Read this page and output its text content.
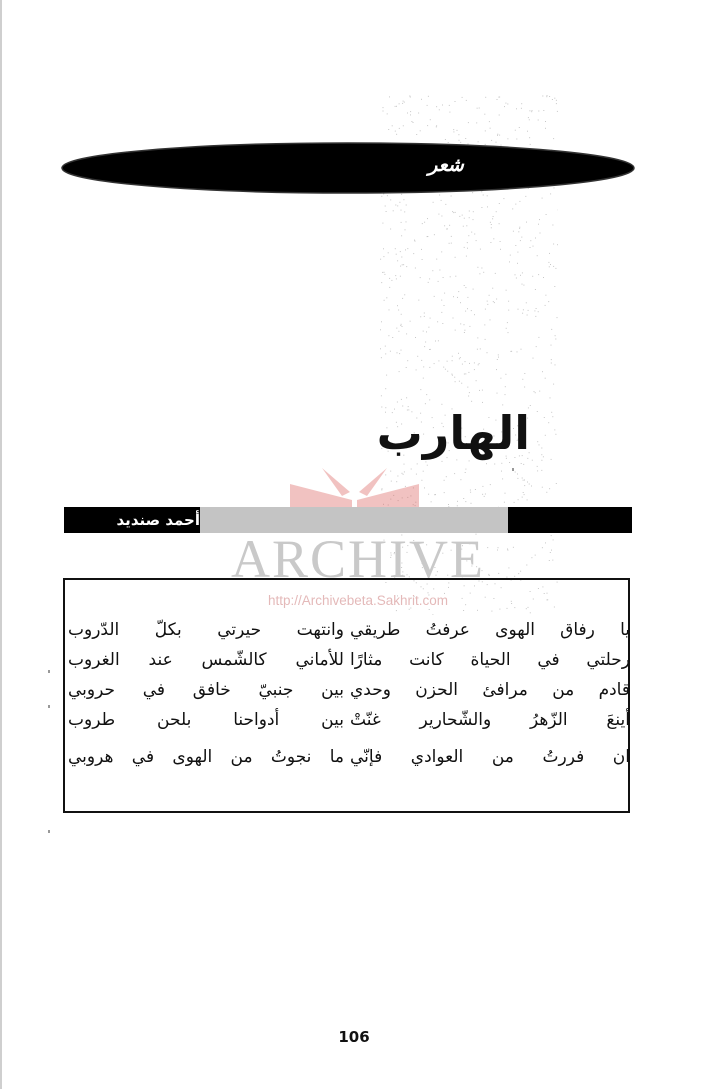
شعر
الهارب
أحمد صنديد
ARCHIVE
http://Archivebeta.Sakhrit.com
يا رفاق الهوى عرفتُ طريقي
وانتهت حيرتي بكلّ الدّروب
رحلتي في الحياة كانت مثارًا
للأماني كالشّمس عند الغروب
قادم من مرافئ الحزن وحدي
بين جنبيّ خافق في حروبي
أينعَ الزّهرُ والشّحارير غنّتْ
بين أدواحنا بلحن طروب
ان فررتُ من العوادي فإنّي
ما نجوتُ من الهوى في هروبي
106
